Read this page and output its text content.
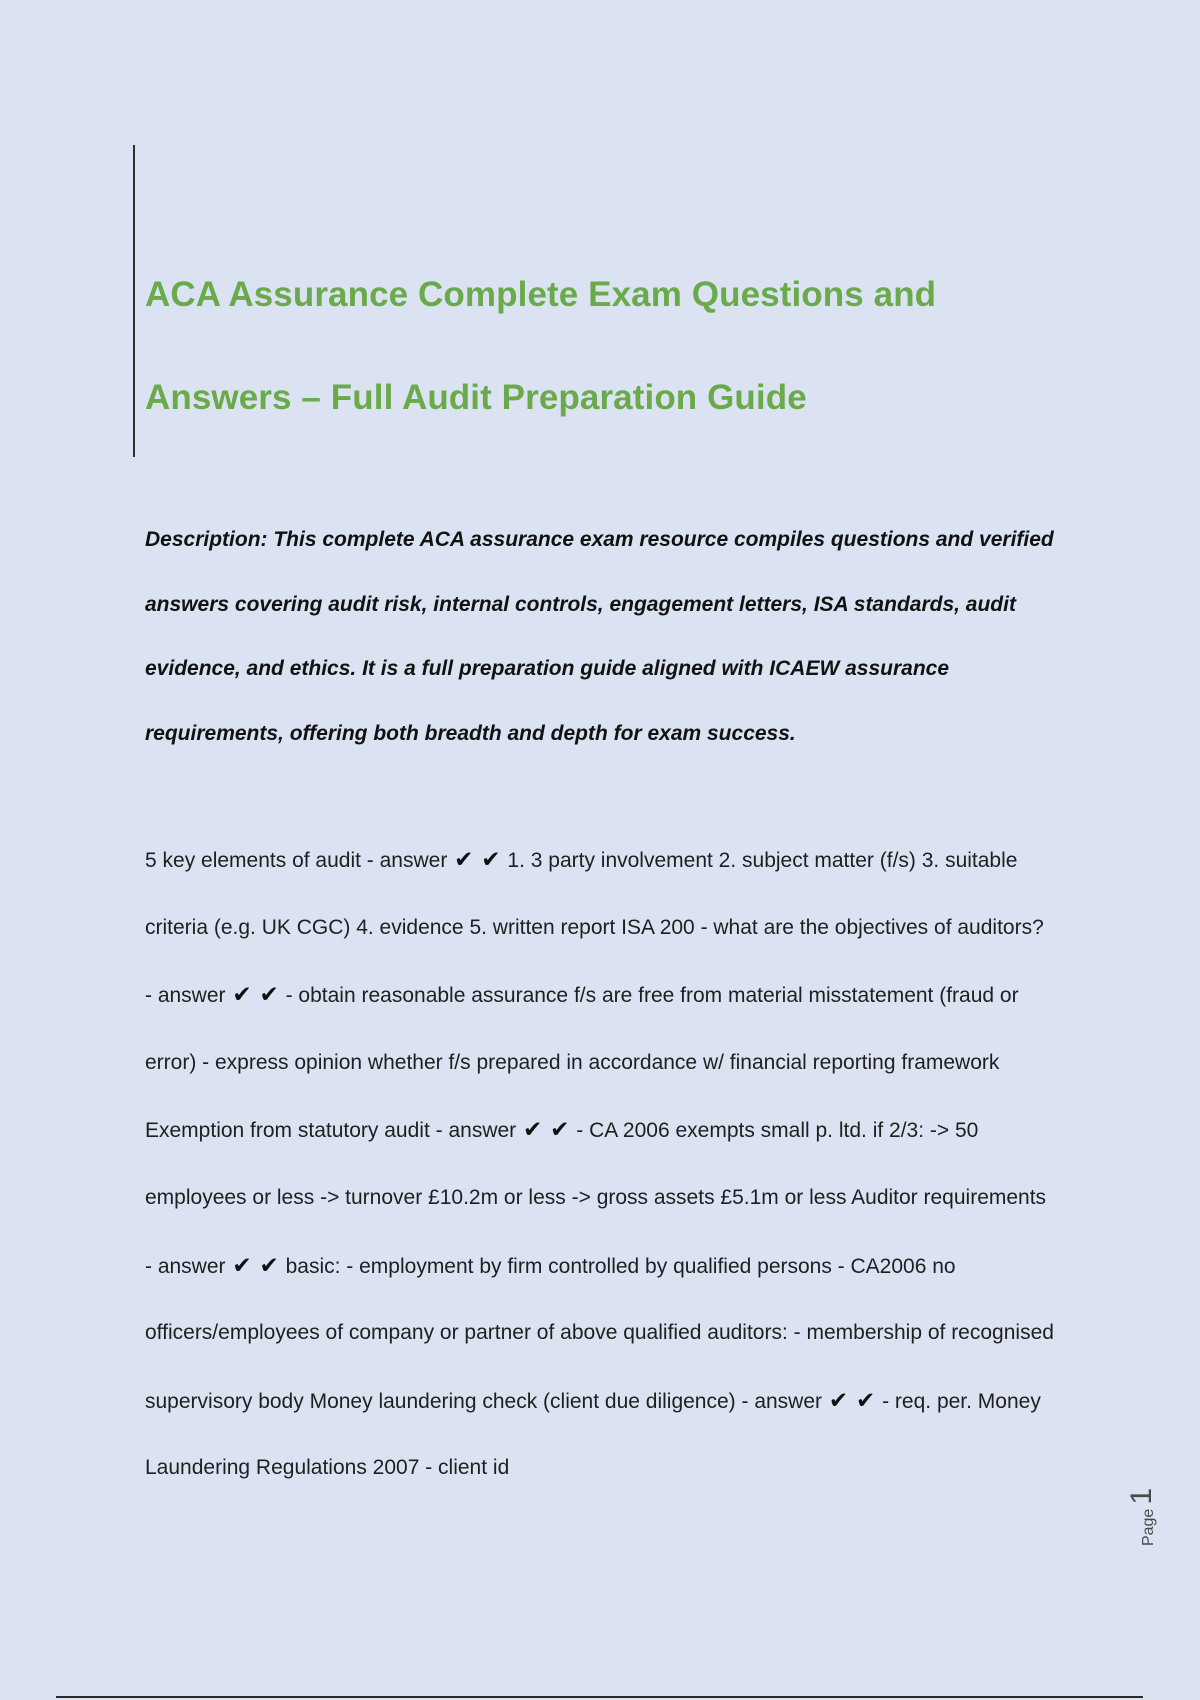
ACA Assurance Complete Exam Questions and Answers – Full Audit Preparation Guide

Description: This complete ACA assurance exam resource compiles questions and verified answers covering audit risk, internal controls, engagement letters, ISA standards, audit evidence, and ethics. It is a full preparation guide aligned with ICAEW assurance requirements, offering both breadth and depth for exam success.

5 key elements of audit - answer ✔ ✔ 1. 3 party involvement 2. subject matter (f/s) 3. suitable criteria (e.g. UK CGC) 4. evidence 5. written report ISA 200 - what are the objectives of auditors? - answer ✔ ✔ - obtain reasonable assurance f/s are free from material misstatement (fraud or error) - express opinion whether f/s prepared in accordance w/ financial reporting framework Exemption from statutory audit - answer ✔ ✔ - CA 2006 exempts small p. ltd. if 2/3: -> 50 employees or less -> turnover £10.2m or less -> gross assets £5.1m or less Auditor requirements - answer ✔ ✔ basic: - employment by firm controlled by qualified persons - CA2006 no officers/employees of company or partner of above qualified auditors: - membership of recognised supervisory body Money laundering check (client due diligence) - answer ✔ ✔ - req. per. Money Laundering Regulations 2007 - client id

Page
1
